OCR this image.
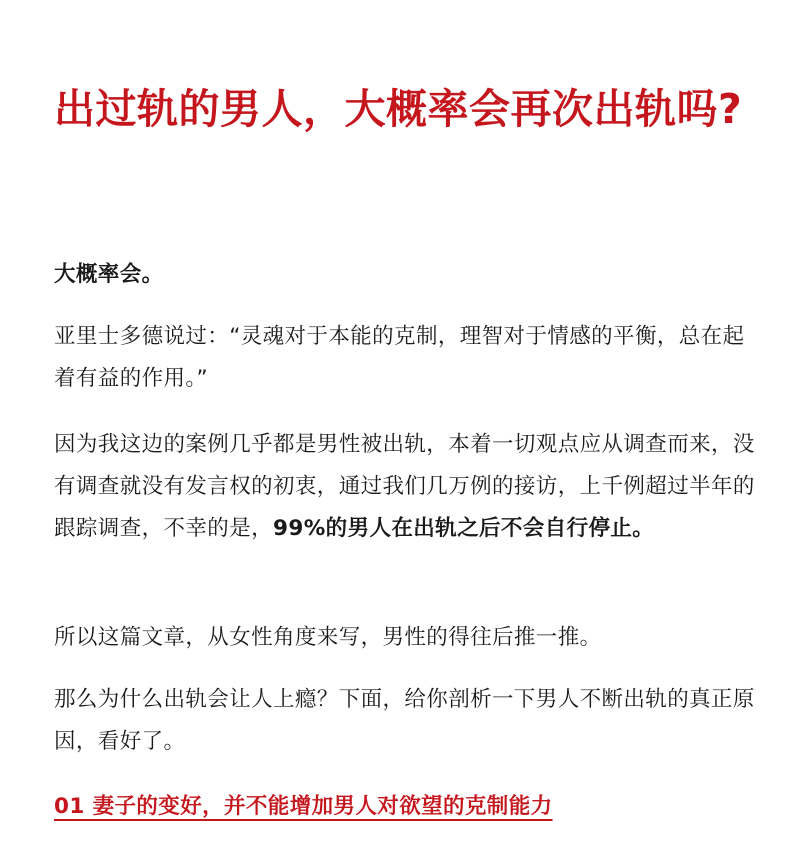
出过轨的男人，大概率会再次出轨吗?

大概率会。

亚里士多德说过：“灵魂对于本能的克制，理智对于情感的平衡，总在起着有益的作用。”

因为我这边的案例几乎都是男性被出轨，本着一切观点应从调查而来，没有调查就没有发言权的初衷，通过我们几万例的接访，上千例超过半年的跟踪调查，不幸的是，99%的男人在出轨之后不会自行停止。

所以这篇文章，从女性角度来写，男性的得往后推一推。

那么为什么出轨会让人上瘾？下面，给你剖析一下男人不断出轨的真正原因，看好了。

01 妻子的变好，并不能增加男人对欲望的克制能力
